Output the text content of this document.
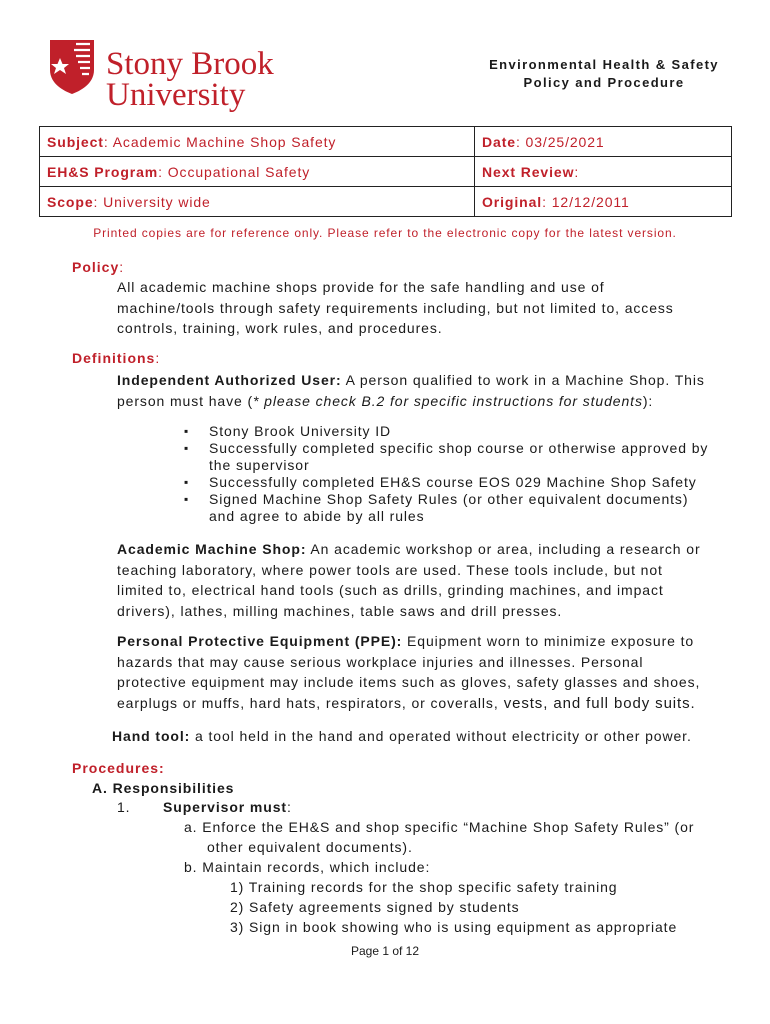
Stony Brook
University
Environmental Health & Safety
Policy and Procedure
Subject: Academic Machine Shop Safety	Date: 03/25/2021
EH&S Program: Occupational Safety	Next Review:
Scope: University wide	Original: 12/12/2011
Printed copies are for reference only. Please refer to the electronic copy for the latest version.
Policy:
All academic machine shops provide for the safe handling and use of machine/tools through safety requirements including, but not limited to, access controls, training, work rules, and procedures.
Definitions:
Independent Authorized User: A person qualified to work in a Machine Shop. This person must have (* please check B.2 for specific instructions for students):
▪ Stony Brook University ID
▪ Successfully completed specific shop course or otherwise approved by the supervisor
▪ Successfully completed EH&S course EOS 029 Machine Shop Safety
▪ Signed Machine Shop Safety Rules (or other equivalent documents) and agree to abide by all rules
Academic Machine Shop: An academic workshop or area, including a research or teaching laboratory, where power tools are used. These tools include, but not limited to, electrical hand tools (such as drills, grinding machines, and impact drivers), lathes, milling machines, table saws and drill presses.
Personal Protective Equipment (PPE): Equipment worn to minimize exposure to hazards that may cause serious workplace injuries and illnesses. Personal protective equipment may include items such as gloves, safety glasses and shoes, earplugs or muffs, hard hats, respirators, or coveralls, vests, and full body suits.
Hand tool: a tool held in the hand and operated without electricity or other power.
Procedures:
A. Responsibilities
1. Supervisor must:
a. Enforce the EH&S and shop specific “Machine Shop Safety Rules” (or
other equivalent documents).
b. Maintain records, which include:
1) Training records for the shop specific safety training
2) Safety agreements signed by students
3) Sign in book showing who is using equipment as appropriate
Page 1 of 12
